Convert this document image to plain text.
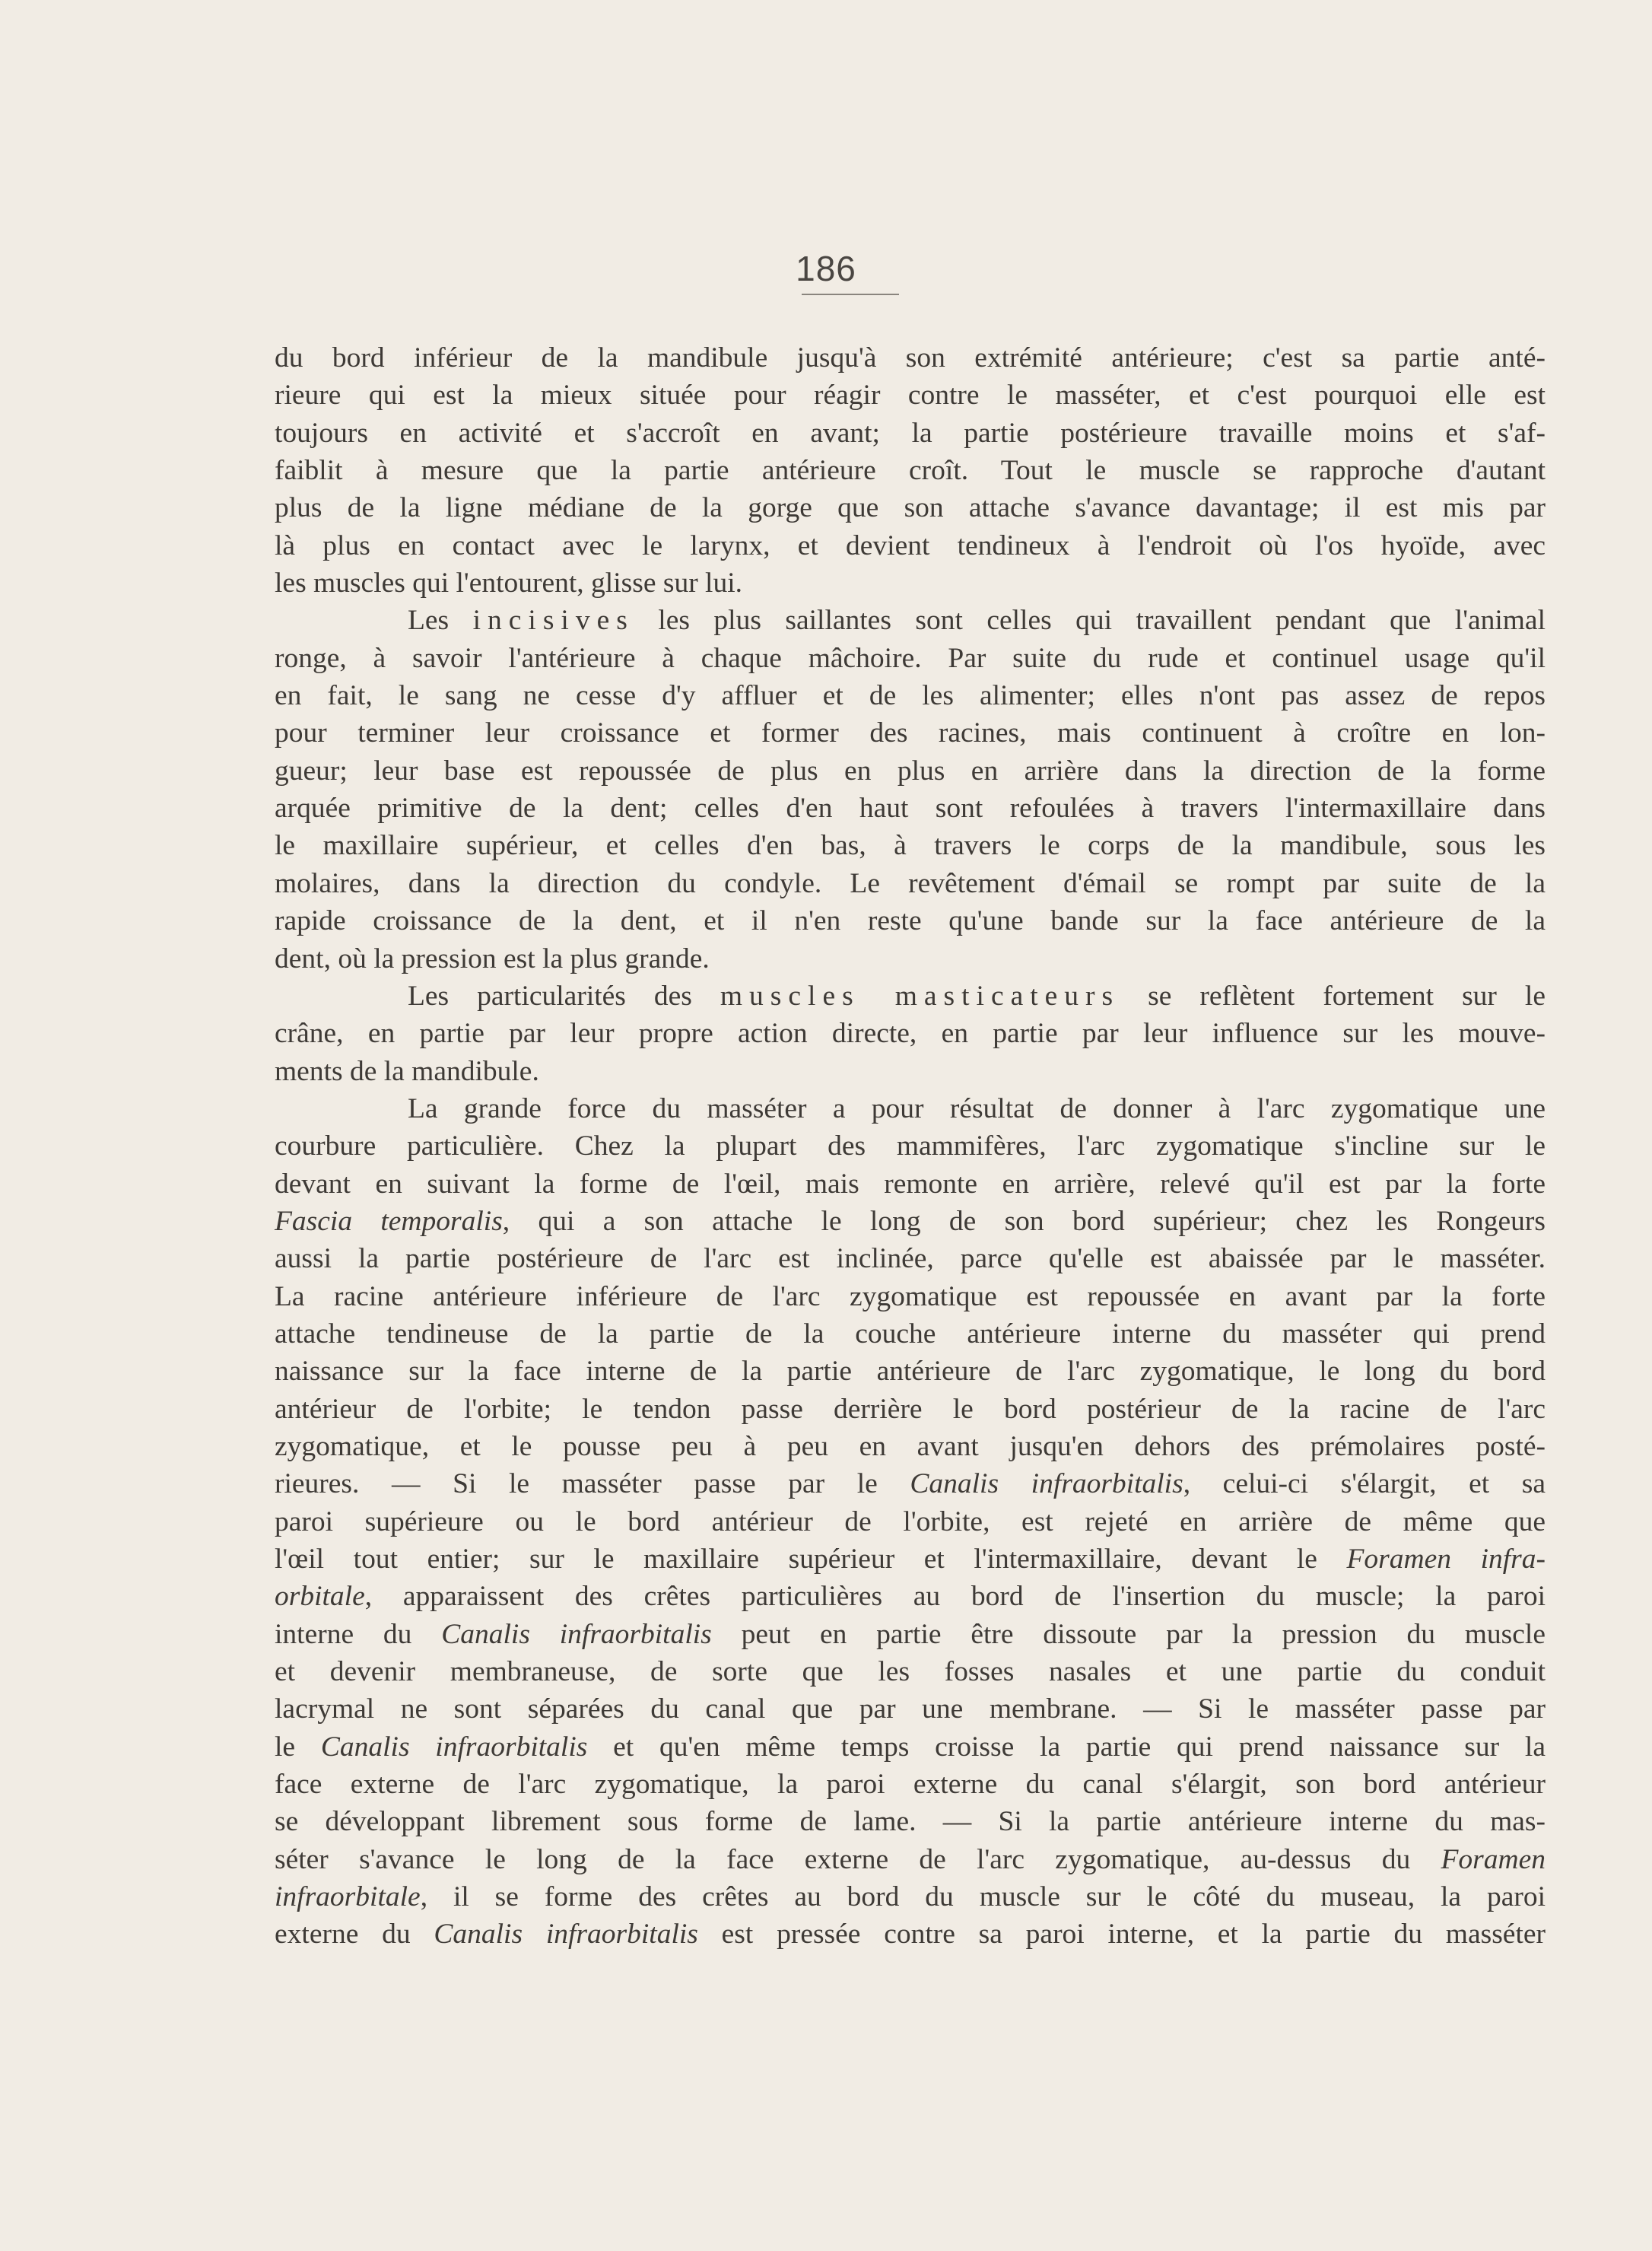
186

du bord inférieur de la mandibule jusqu'à son extrémité antérieure; c'est sa partie anté-
rieure qui est la mieux située pour réagir contre le masséter, et c'est pourquoi elle est
toujours en activité et s'accroît en avant; la partie postérieure travaille moins et s'af-
faiblit à mesure que la partie antérieure croît. Tout le muscle se rapproche d'autant
plus de la ligne médiane de la gorge que son attache s'avance davantage; il est mis par
là plus en contact avec le larynx, et devient tendineux à l'endroit où l'os hyoïde, avec
les muscles qui l'entourent, glisse sur lui.

Les incisives les plus saillantes sont celles qui travaillent pendant que l'animal
ronge, à savoir l'antérieure à chaque mâchoire. Par suite du rude et continuel usage qu'il
en fait, le sang ne cesse d'y affluer et de les alimenter; elles n'ont pas assez de repos
pour terminer leur croissance et former des racines, mais continuent à croître en lon-
gueur; leur base est repoussée de plus en plus en arrière dans la direction de la forme
arquée primitive de la dent; celles d'en haut sont refoulées à travers l'intermaxillaire dans
le maxillaire supérieur, et celles d'en bas, à travers le corps de la mandibule, sous les
molaires, dans la direction du condyle. Le revêtement d'émail se rompt par suite de la
rapide croissance de la dent, et il n'en reste qu'une bande sur la face antérieure de la
dent, où la pression est la plus grande.

Les particularités des muscles masticateurs se reflètent fortement sur le
crâne, en partie par leur propre action directe, en partie par leur influence sur les mouve-
ments de la mandibule.

La grande force du masséter a pour résultat de donner à l'arc zygomatique une
courbure particulière. Chez la plupart des mammifères, l'arc zygomatique s'incline sur le
devant en suivant la forme de l'œil, mais remonte en arrière, relevé qu'il est par la forte
Fascia temporalis, qui a son attache le long de son bord supérieur; chez les Rongeurs
aussi la partie postérieure de l'arc est inclinée, parce qu'elle est abaissée par le masséter.
La racine antérieure inférieure de l'arc zygomatique est repoussée en avant par la forte
attache tendineuse de la partie de la couche antérieure interne du masséter qui prend
naissance sur la face interne de la partie antérieure de l'arc zygomatique, le long du bord
antérieur de l'orbite; le tendon passe derrière le bord postérieur de la racine de l'arc
zygomatique, et le pousse peu à peu en avant jusqu'en dehors des prémolaires posté-
rieures. — Si le masséter passe par le Canalis infraorbitalis, celui-ci s'élargit, et sa
paroi supérieure ou le bord antérieur de l'orbite, est rejeté en arrière de même que
l'œil tout entier; sur le maxillaire supérieur et l'intermaxillaire, devant le Foramen infra-
orbitale, apparaissent des crêtes particulières au bord de l'insertion du muscle; la paroi
interne du Canalis infraorbitalis peut en partie être dissoute par la pression du muscle
et devenir membraneuse, de sorte que les fosses nasales et une partie du conduit
lacrymal ne sont séparées du canal que par une membrane. — Si le masséter passe par
le Canalis infraorbitalis et qu'en même temps croisse la partie qui prend naissance sur la
face externe de l'arc zygomatique, la paroi externe du canal s'élargit, son bord antérieur
se développant librement sous forme de lame. — Si la partie antérieure interne du mas-
séter s'avance le long de la face externe de l'arc zygomatique, au-dessus du Foramen
infraorbitale, il se forme des crêtes au bord du muscle sur le côté du museau, la paroi
externe du Canalis infraorbitalis est pressée contre sa paroi interne, et la partie du masséter
